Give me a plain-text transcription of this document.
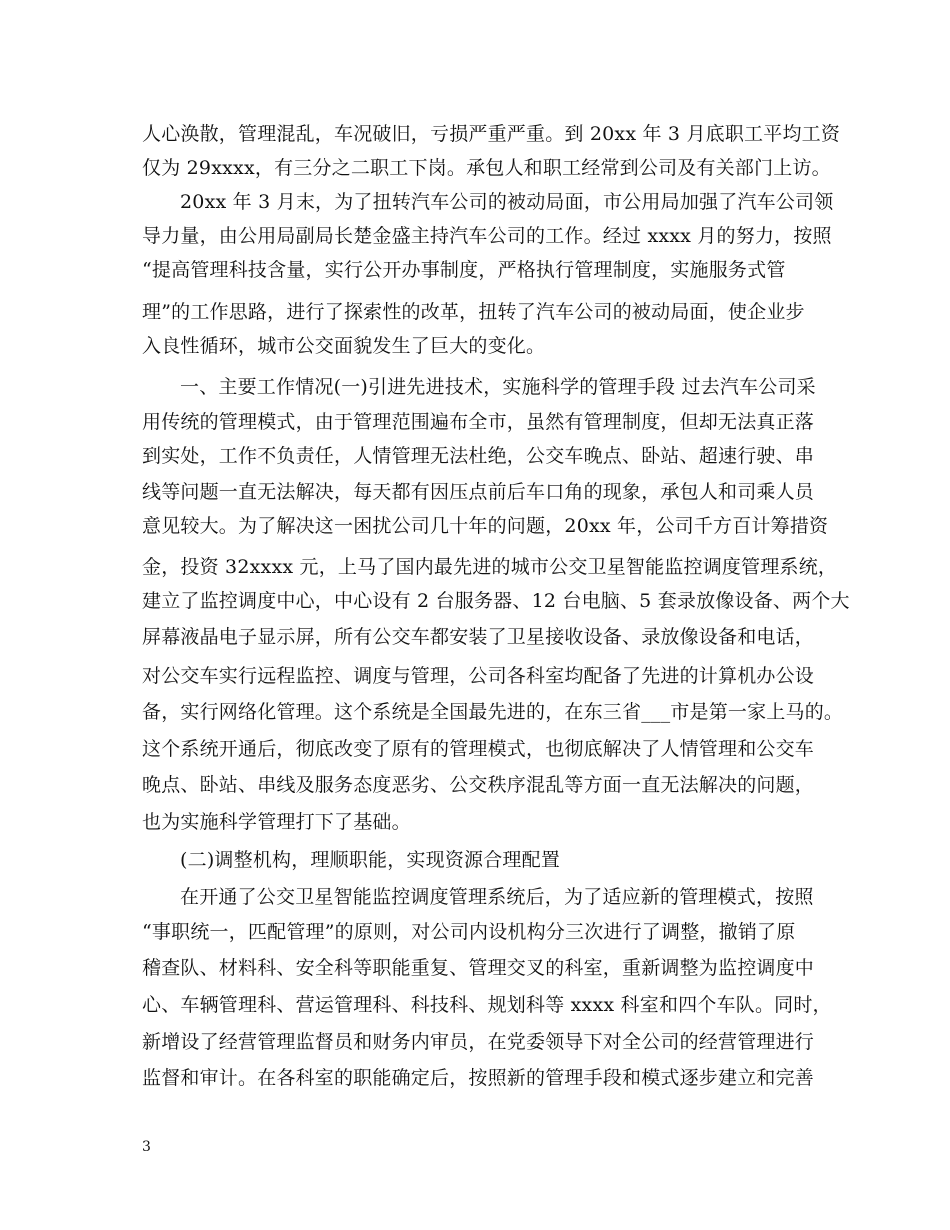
人心涣散，管理混乱，车况破旧，亏损严重严重。到 20xx 年 3 月底职工平均工资
仅为 29xxxx，有三分之二职工下岗。承包人和职工经常到公司及有关部门上访。
20xx 年 3 月末，为了扭转汽车公司的被动局面，市公用局加强了汽车公司领
导力量，由公用局副局长楚金盛主持汽车公司的工作。经过 xxxx 月的努力，按照
“提高管理科技含量，实行公开办事制度，严格执行管理制度，实施服务式管
理”的工作思路，进行了探索性的改革，扭转了汽车公司的被动局面，使企业步
入良性循环，城市公交面貌发生了巨大的变化。
一、主要工作情况(一)引进先进技术，实施科学的管理手段 过去汽车公司采
用传统的管理模式，由于管理范围遍布全市，虽然有管理制度，但却无法真正落
到实处，工作不负责任，人情管理无法杜绝，公交车晚点、卧站、超速行驶、串
线等问题一直无法解决，每天都有因压点前后车口角的现象，承包人和司乘人员
意见较大。为了解决这一困扰公司几十年的问题，20xx 年，公司千方百计筹措资
金，投资 32xxxx 元，上马了国内最先进的城市公交卫星智能监控调度管理系统，
建立了监控调度中心，中心设有 2 台服务器、12 台电脑、5 套录放像设备、两个大
屏幕液晶电子显示屏，所有公交车都安装了卫星接收设备、录放像设备和电话，
对公交车实行远程监控、调度与管理，公司各科室均配备了先进的计算机办公设
备，实行网络化管理。这个系统是全国最先进的，在东三省___市是第一家上马的。
这个系统开通后，彻底改变了原有的管理模式，也彻底解决了人情管理和公交车
晚点、卧站、串线及服务态度恶劣、公交秩序混乱等方面一直无法解决的问题，
也为实施科学管理打下了基础。
(二)调整机构，理顺职能，实现资源合理配置
在开通了公交卫星智能监控调度管理系统后，为了适应新的管理模式，按照
“事职统一，匹配管理”的原则，对公司内设机构分三次进行了调整，撤销了原
稽查队、材料科、安全科等职能重复、管理交叉的科室，重新调整为监控调度中
心、车辆管理科、营运管理科、科技科、规划科等 xxxx 科室和四个车队。同时，
新增设了经营管理监督员和财务内审员，在党委领导下对全公司的经营管理进行
监督和审计。在各科室的职能确定后，按照新的管理手段和模式逐步建立和完善
3
